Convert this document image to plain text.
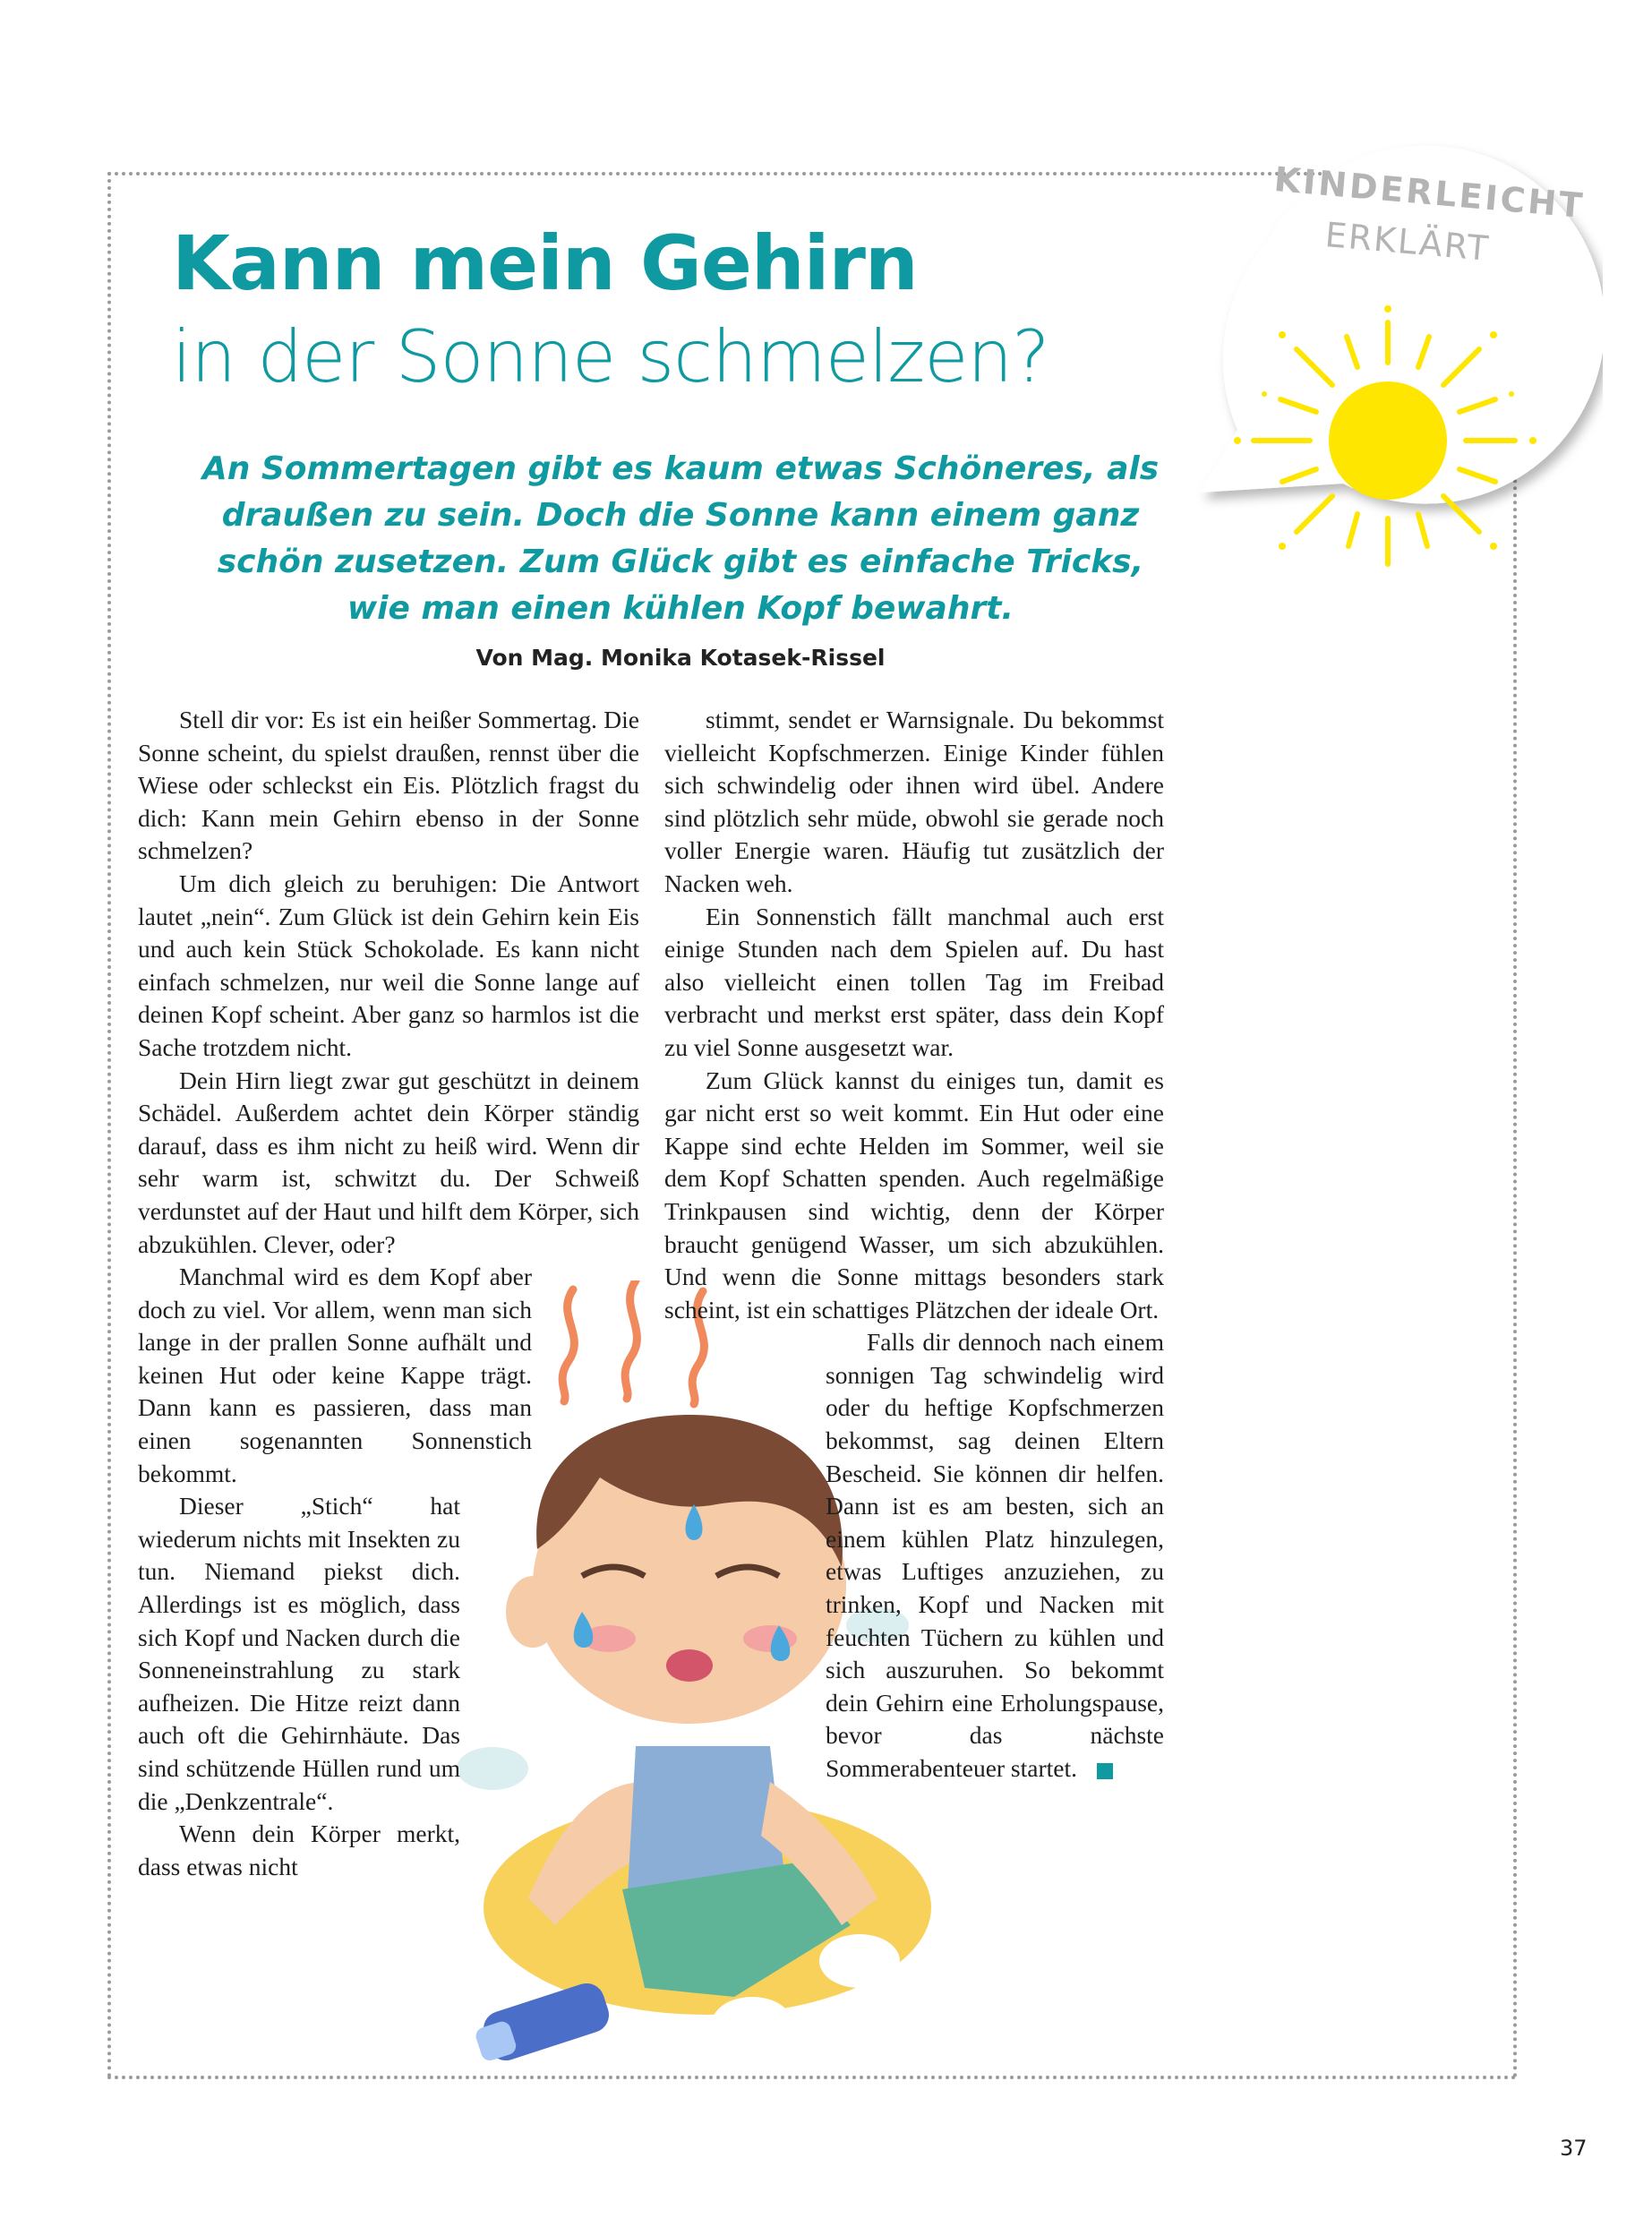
KINDERLEICHT
ERKLÄRT
Kann mein Gehirn
in der Sonne schmelzen?
An Sommertagen gibt es kaum etwas Schöneres, als draußen zu sein. Doch die Sonne kann einem ganz schön zusetzen. Zum Glück gibt es einfache Tricks, wie man einen kühlen Kopf bewahrt.
Von Mag. Monika Kotasek-Rissel

Stell dir vor: Es ist ein heißer Sommertag. Die Sonne scheint, du spielst draußen, rennst über die Wiese oder schleckst ein Eis. Plötzlich fragst du dich: Kann mein Gehirn ebenso in der Sonne schmelzen?

Um dich gleich zu beruhigen: Die Antwort lautet „nein“. Zum Glück ist dein Gehirn kein Eis und auch kein Stück Schokolade. Es kann nicht einfach schmelzen, nur weil die Sonne lange auf deinen Kopf scheint. Aber ganz so harmlos ist die Sache trotzdem nicht.

Dein Hirn liegt zwar gut geschützt in deinem Schädel. Außerdem achtet dein Körper ständig darauf, dass es ihm nicht zu heiß wird. Wenn dir sehr warm ist, schwitzt du. Der Schweiß verdunstet auf der Haut und hilft dem Körper, sich abzukühlen. Clever, oder?

Manchmal wird es dem Kopf aber doch zu viel. Vor allem, wenn man sich lange in der prallen Sonne aufhält und keinen Hut oder keine Kappe trägt. Dann kann es passieren, dass man einen sogenannten Sonnenstich bekommt.

Dieser „Stich“ hat wiederum nichts mit Insekten zu tun. Niemand piekst dich. Allerdings ist es möglich, dass sich Kopf und Nacken durch die Sonneneinstrahlung zu stark aufheizen. Die Hitze reizt dann auch oft die Gehirnhäute. Das sind schützende Hüllen rund um die „Denkzentrale“.

Wenn dein Körper merkt, dass etwas nicht

stimmt, sendet er Warnsignale. Du bekommst vielleicht Kopfschmerzen. Einige Kinder fühlen sich schwindelig oder ihnen wird übel. Andere sind plötzlich sehr müde, obwohl sie gerade noch voller Energie waren. Häufig tut zusätzlich der Nacken weh.

Ein Sonnenstich fällt manchmal auch erst einige Stunden nach dem Spielen auf. Du hast also vielleicht einen tollen Tag im Freibad verbracht und merkst erst später, dass dein Kopf zu viel Sonne ausgesetzt war.

Zum Glück kannst du einiges tun, damit es gar nicht erst so weit kommt. Ein Hut oder eine Kappe sind echte Helden im Sommer, weil sie dem Kopf Schatten spenden. Auch regelmäßige Trinkpausen sind wichtig, denn der Körper braucht genügend Wasser, um sich abzukühlen. Und wenn die Sonne mittags besonders stark scheint, ist ein schattiges Plätzchen der ideale Ort.

Falls dir dennoch nach einem sonnigen Tag schwindelig wird oder du heftige Kopfschmerzen bekommst, sag deinen Eltern Bescheid. Sie können dir helfen. Dann ist es am besten, sich an einem kühlen Platz hinzulegen, etwas Luftiges anzuziehen, zu trinken, Kopf und Nacken mit feuchten Tüchern zu kühlen und sich auszuruhen. So bekommt dein Gehirn eine Erholungspause, bevor das nächste Sommerabenteuer startet.

37
